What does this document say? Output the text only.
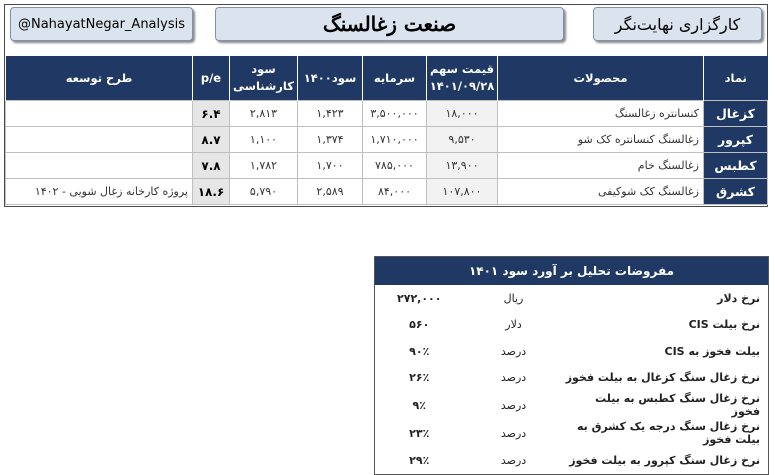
@NahayatNegar_Analysis	صنعت زغالسنگ	کارگزاری نهایت‌نگر
نماد	محصولات	قیمت سهم ۱۴۰۱/۰۹/۲۸	سرمایه	سود۱۴۰۰	سود کارشناسی	p/e	طرح توسعه
کزغال	کنسانتره زغالسنگ	۱۸,۰۰۰	۳,۵۰۰,۰۰۰	۱,۴۲۳	۲,۸۱۳	۶.۴	
کپرور	زغالسنگ کنسانتره کک شو	۹,۵۳۰	۱,۷۱۰,۰۰۰	۱,۳۷۴	۱,۱۰۰	۸.۷	
کطبس	زغالسنگ خام	۱۳,۹۰۰	۷۸۵,۰۰۰	۱,۷۰۰	۱,۷۸۲	۷.۸	
کشرق	زغالسنگ کک شوکیفی	۱۰۷,۸۰۰	۸۴,۰۰۰	۲,۵۸۹	۵,۷۹۰	۱۸.۶	پروژه کارخانه زغال شویی - ۱۴۰۲
مفروضات تحلیل بر آورد سود ۱۴۰۱		
نرخ دلار	ریال	۲۷۲,۰۰۰
نرخ بیلت CIS	دلار	۵۶۰
بیلت فخوز به CIS	درصد	۹۰٪
نرخ زغال سنگ کزغال به بیلت فخوز	درصد	۲۶٪
نرخ زغال سنگ کطبس به بیلت فخوز	درصد	۹٪
نرخ زغال سنگ درجه یک کشرق به بیلت فخوز	درصد	۲۳٪
نرخ زغال سنگ کپرور به بیلت فخوز	درصد	۲۹٪
